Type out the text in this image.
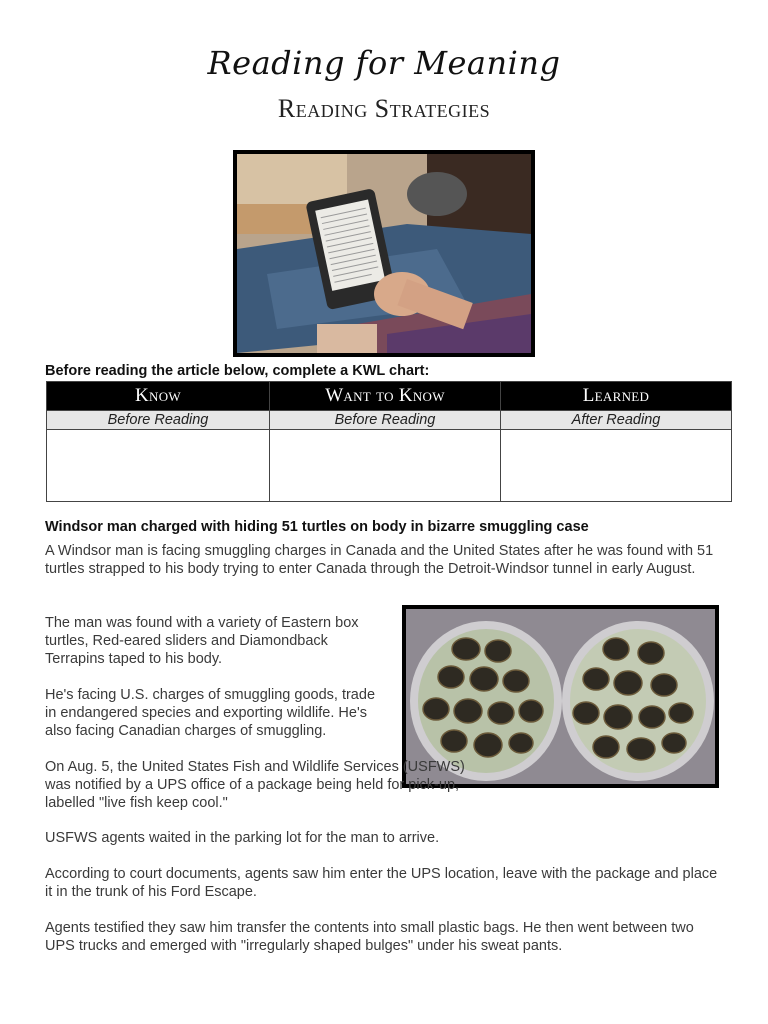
Reading for Meaning
Reading Strategies
Before reading the article below, complete a KWL chart:
Know	Want to Know	Learned
Before Reading	Before Reading	After Reading

Windsor man charged with hiding 51 turtles on body in bizarre smuggling case

A Windsor man is facing smuggling charges in Canada and the United States after he was found with 51 turtles strapped to his body trying to enter Canada through the Detroit-Windsor tunnel in early August.

The man was found with a variety of Eastern box turtles, Red-eared sliders and Diamondback Terrapins taped to his body.

He's facing U.S. charges of smuggling goods, trade in endangered species and exporting wildlife. He's also facing Canadian charges of smuggling.

On Aug. 5, the United States Fish and Wildlife Services (USFWS) was notified by a UPS office of a package being held for pick-up, labelled "live fish keep cool."

USFWS agents waited in the parking lot for the man to arrive.

According to court documents, agents saw him enter the UPS location, leave with the package and place it in the trunk of his Ford Escape.

Agents testified they saw him transfer the contents into small plastic bags. He then went between two UPS trucks and emerged with "irregularly shaped bulges" under his sweat pants.
